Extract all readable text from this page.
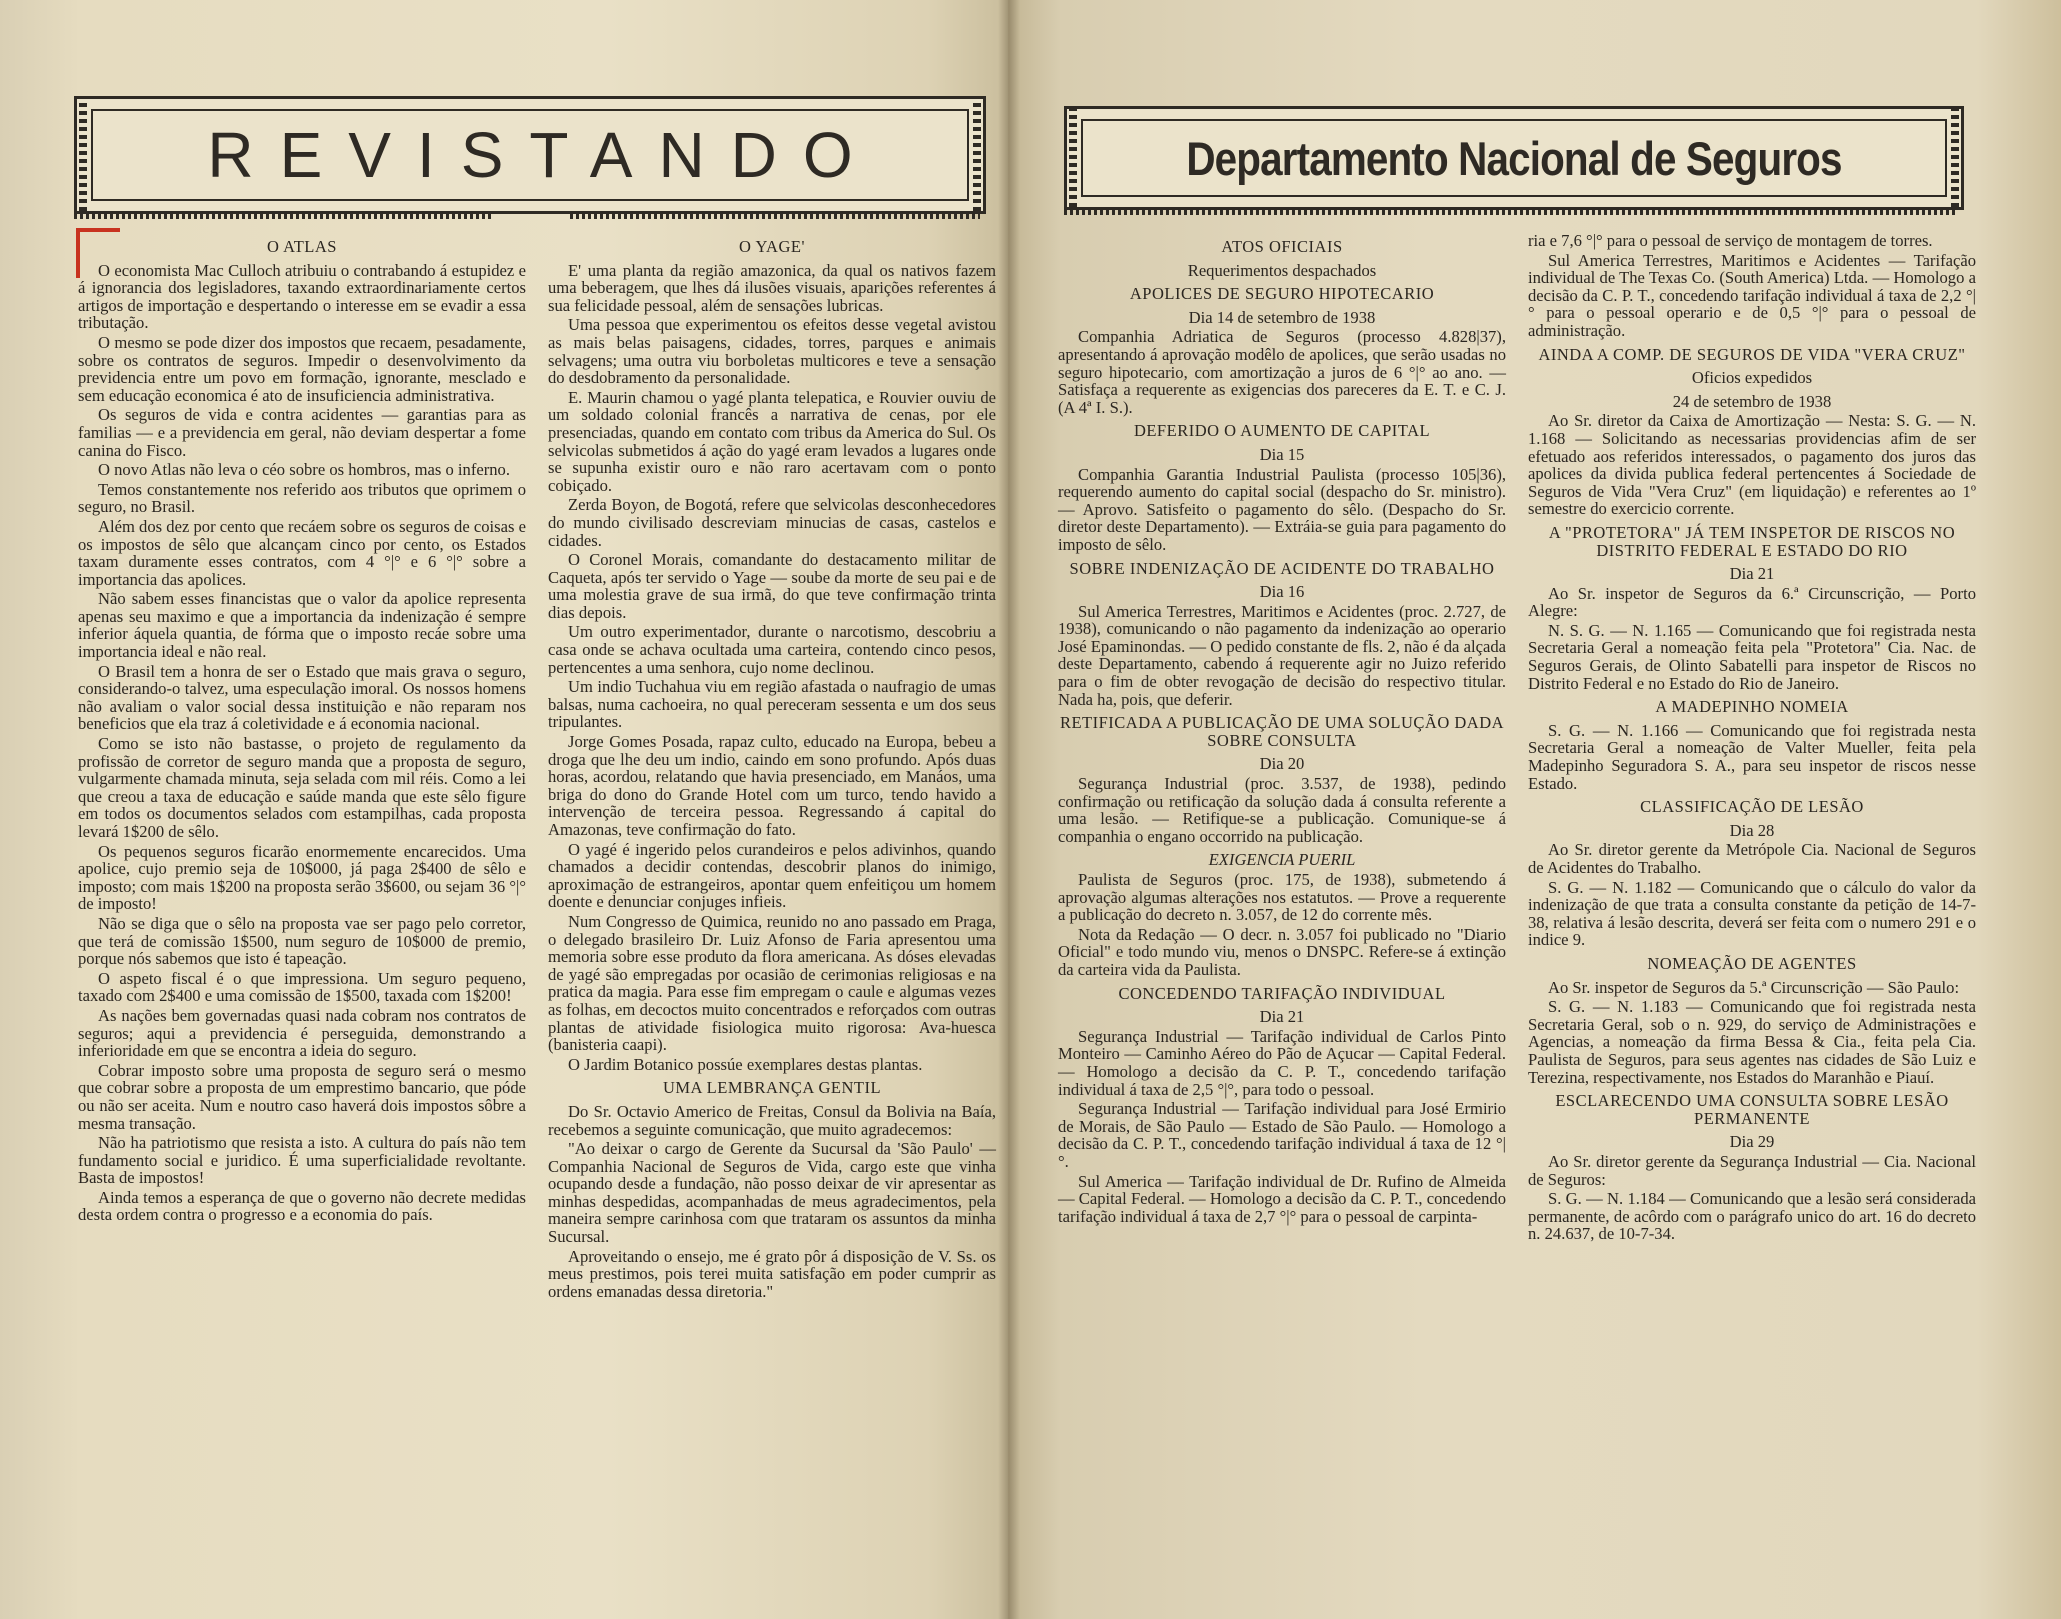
REVISTANDO
O ATLAS

O economista Mac Culloch atribuiu o contrabando á estupidez e á ignorancia dos legisladores, taxando extraordinariamente certos artigos de importação e despertando o interesse em se evadir a essa tributação.

O mesmo se pode dizer dos impostos que recaem, pesadamente, sobre os contratos de seguros. Impedir o desenvolvimento da previdencia entre um povo em formação, ignorante, mesclado e sem educação economica é ato de insuficiencia administrativa.

Os seguros de vida e contra acidentes — garantias para as familias — e a previdencia em geral, não deviam despertar a fome canina do Fisco.

O novo Atlas não leva o céo sobre os hombros, mas o inferno.

Temos constantemente nos referido aos tributos que oprimem o seguro, no Brasil.

Além dos dez por cento que recáem sobre os seguros de coisas e os impostos de sêlo que alcançam cinco por cento, os Estados taxam duramente esses contratos, com 4 °|° e 6 °|° sobre a importancia das apolices.

Não sabem esses financistas que o valor da apolice representa apenas seu maximo e que a importancia da indenização é sempre inferior áquela quantia, de fórma que o imposto recáe sobre uma importancia ideal e não real.

O Brasil tem a honra de ser o Estado que mais grava o seguro, considerando-o talvez, uma especulação imoral. Os nossos homens não avaliam o valor social dessa instituição e não reparam nos beneficios que ela traz á coletividade e á economia nacional.

Como se isto não bastasse, o projeto de regulamento da profissão de corretor de seguro manda que a proposta de seguro, vulgarmente chamada minuta, seja selada com mil réis. Como a lei que creou a taxa de educação e saúde manda que este sêlo figure em todos os documentos selados com estampilhas, cada proposta levará 1$200 de sêlo.

Os pequenos seguros ficarão enormemente encarecidos. Uma apolice, cujo premio seja de 10$000, já paga 2$400 de sêlo e imposto; com mais 1$200 na proposta serão 3$600, ou sejam 36 °|° de imposto!

Não se diga que o sêlo na proposta vae ser pago pelo corretor, que terá de comissão 1$500, num seguro de 10$000 de premio, porque nós sabemos que isto é tapeação.

O aspeto fiscal é o que impressiona. Um seguro pequeno, taxado com 2$400 e uma comissão de 1$500, taxada com 1$200!

As nações bem governadas quasi nada cobram nos contratos de seguros; aqui a previdencia é perseguida, demonstrando a inferioridade em que se encontra a ideia do seguro.

Cobrar imposto sobre uma proposta de seguro será o mesmo que cobrar sobre a proposta de um emprestimo bancario, que póde ou não ser aceita. Num e noutro caso haverá dois impostos sôbre a mesma transação.

Não ha patriotismo que resista a isto. A cultura do país não tem fundamento social e juridico. É uma superficialidade revoltante. Basta de impostos!

Ainda temos a esperança de que o governo não decrete medidas desta ordem contra o progresso e a economia do país.

O YAGE'

E' uma planta da região amazonica, da qual os nativos fazem uma beberagem, que lhes dá ilusões visuais, aparições referentes á sua felicidade pessoal, além de sensações lubricas.

Uma pessoa que experimentou os efeitos desse vegetal avistou as mais belas paisagens, cidades, torres, parques e animais selvagens; uma outra viu borboletas multicores e teve a sensação do desdobramento da personalidade.

E. Maurin chamou o yagé planta telepatica, e Rouvier ouviu de um soldado colonial francês a narrativa de cenas, por ele presenciadas, quando em contato com tribus da America do Sul. Os selvicolas submetidos á ação do yagé eram levados a lugares onde se supunha existir ouro e não raro acertavam com o ponto cobiçado.

Zerda Boyon, de Bogotá, refere que selvicolas desconhecedores do mundo civilisado descreviam minucias de casas, castelos e cidades.

O Coronel Morais, comandante do destacamento militar de Caqueta, após ter servido o Yage — soube da morte de seu pai e de uma molestia grave de sua irmã, do que teve confirmação trinta dias depois.

Um outro experimentador, durante o narcotismo, descobriu a casa onde se achava ocultada uma carteira, contendo cinco pesos, pertencentes a uma senhora, cujo nome declinou.

Um indio Tuchahua viu em região afastada o naufragio de umas balsas, numa cachoeira, no qual pereceram sessenta e um dos seus tripulantes.

Jorge Gomes Posada, rapaz culto, educado na Europa, bebeu a droga que lhe deu um indio, caindo em sono profundo. Após duas horas, acordou, relatando que havia presenciado, em Manáos, uma briga do dono do Grande Hotel com um turco, tendo havido a intervenção de terceira pessoa. Regressando á capital do Amazonas, teve confirmação do fato.

O yagé é ingerido pelos curandeiros e pelos adivinhos, quando chamados a decidir contendas, descobrir planos do inimigo, aproximação de estrangeiros, apontar quem enfeitiçou um homem doente e denunciar conjuges infieis.

Num Congresso de Quimica, reunido no ano passado em Praga, o delegado brasileiro Dr. Luiz Afonso de Faria apresentou uma memoria sobre esse produto da flora americana. As dóses elevadas de yagé são empregadas por ocasião de cerimonias religiosas e na pratica da magia. Para esse fim empregam o caule e algumas vezes as folhas, em decoctos muito concentrados e reforçados com outras plantas de atividade fisiologica muito rigorosa: Ava-huesca (banisteria caapi).

O Jardim Botanico possúe exemplares destas plantas.

UMA LEMBRANÇA GENTIL

Do Sr. Octavio Americo de Freitas, Consul da Bolivia na Baía, recebemos a seguinte comunicação, que muito agradecemos:

"Ao deixar o cargo de Gerente da Sucursal da 'São Paulo' — Companhia Nacional de Seguros de Vida, cargo este que vinha ocupando desde a fundação, não posso deixar de vir apresentar as minhas despedidas, acompanhadas de meus agradecimentos, pela maneira sempre carinhosa com que trataram os assuntos da minha Sucursal.

Aproveitando o ensejo, me é grato pôr á disposição de V. Ss. os meus prestimos, pois terei muita satisfação em poder cumprir as ordens emanadas dessa diretoria."

Departamento Nacional de Seguros
ATOS OFICIAIS

Requerimentos despachados

APOLICES DE SEGURO HIPOTECARIO

Dia 14 de setembro de 1938

Companhia Adriatica de Seguros (processo 4.828|37), apresentando á aprovação modêlo de apolices, que serão usadas no seguro hipotecario, com amortização a juros de 6 °|° ao ano. — Satisfaça a requerente as exigencias dos pareceres da E. T. e C. J. (A 4ª I. S.).

DEFERIDO O AUMENTO DE CAPITAL

Dia 15

Companhia Garantia Industrial Paulista (processo 105|36), requerendo aumento do capital social (despacho do Sr. ministro). — Aprovo. Satisfeito o pagamento do sêlo. (Despacho do Sr. diretor deste Departamento). — Extráia-se guia para pagamento do imposto de sêlo.

SOBRE INDENIZAÇÃO DE ACIDENTE DO TRABALHO

Dia 16

Sul America Terrestres, Maritimos e Acidentes (proc. 2.727, de 1938), comunicando o não pagamento da indenização ao operario José Epaminondas. — O pedido constante de fls. 2, não é da alçada deste Departamento, cabendo á requerente agir no Juizo referido para o fim de obter revogação de decisão do respectivo titular. Nada ha, pois, que deferir.

RETIFICADA A PUBLICAÇÃO DE UMA SOLUÇÃO DADA SOBRE CONSULTA

Dia 20

Segurança Industrial (proc. 3.537, de 1938), pedindo confirmação ou retificação da solução dada á consulta referente a uma lesão. — Retifique-se a publicação. Comunique-se á companhia o engano occorrido na publicação.

EXIGENCIA PUERIL

Paulista de Seguros (proc. 175, de 1938), submetendo á aprovação algumas alterações nos estatutos. — Prove a requerente a publicação do decreto n. 3.057, de 12 do corrente mês.

Nota da Redação — O decr. n. 3.057 foi publicado no "Diario Oficial" e todo mundo viu, menos o DNSPC. Refere-se á extinção da carteira vida da Paulista.

CONCEDENDO TARIFAÇÃO INDIVIDUAL

Dia 21

Segurança Industrial — Tarifação individual de Carlos Pinto Monteiro — Caminho Aéreo do Pão de Açucar — Capital Federal. — Homologo a decisão da C. P. T., concedendo tarifação individual á taxa de 2,5 °|°, para todo o pessoal.

Segurança Industrial — Tarifação individual para José Ermirio de Morais, de São Paulo — Estado de São Paulo. — Homologo a decisão da C. P. T., concedendo tarifação individual á taxa de 12 °|°.

Sul America — Tarifação individual de Dr. Rufino de Almeida — Capital Federal. — Homologo a decisão da C. P. T., concedendo tarifação individual á taxa de 2,7 °|° para o pessoal de carpinta-

ria e 7,6 °|° para o pessoal de serviço de montagem de torres.

Sul America Terrestres, Maritimos e Acidentes — Tarifação individual de The Texas Co. (South America) Ltda. — Homologo a decisão da C. P. T., concedendo tarifação individual á taxa de 2,2 °|° para o pessoal operario e de 0,5 °|° para o pessoal de administração.

AINDA A COMP. DE SEGUROS DE VIDA "VERA CRUZ"

Oficios expedidos

24 de setembro de 1938

Ao Sr. diretor da Caixa de Amortização — Nesta: S. G. — N. 1.168 — Solicitando as necessarias providencias afim de ser efetuado aos referidos interessados, o pagamento dos juros das apolices da divida publica federal pertencentes á Sociedade de Seguros de Vida "Vera Cruz" (em liquidação) e referentes ao 1º semestre do exercicio corrente.

A "PROTETORA" JÁ TEM INSPETOR DE RISCOS NO DISTRITO FEDERAL E ESTADO DO RIO

Dia 21

Ao Sr. inspetor de Seguros da 6.ª Circunscrição, — Porto Alegre:

N. S. G. — N. 1.165 — Comunicando que foi registrada nesta Secretaria Geral a nomeação feita pela "Protetora" Cia. Nac. de Seguros Gerais, de Olinto Sabatelli para inspetor de Riscos no Distrito Federal e no Estado do Rio de Janeiro.

A MADEPINHO NOMEIA

S. G. — N. 1.166 — Comunicando que foi registrada nesta Secretaria Geral a nomeação de Valter Mueller, feita pela Madepinho Seguradora S. A., para seu inspetor de riscos nesse Estado.

CLASSIFICAÇÃO DE LESÃO

Dia 28

Ao Sr. diretor gerente da Metrópole Cia. Nacional de Seguros de Acidentes do Trabalho.

S. G. — N. 1.182 — Comunicando que o cálculo do valor da indenização de que trata a consulta constante da petição de 14-7-38, relativa á lesão descrita, deverá ser feita com o numero 291 e o indice 9.

NOMEAÇÃO DE AGENTES

Ao Sr. inspetor de Seguros da 5.ª Circunscrição — São Paulo:

S. G. — N. 1.183 — Comunicando que foi registrada nesta Secretaria Geral, sob o n. 929, do serviço de Administrações e Agencias, a nomeação da firma Bessa & Cia., feita pela Cia. Paulista de Seguros, para seus agentes nas cidades de São Luiz e Terezina, respectivamente, nos Estados do Maranhão e Piauí.

ESCLARECENDO UMA CONSULTA SOBRE LESÃO PERMANENTE

Dia 29

Ao Sr. diretor gerente da Segurança Industrial — Cia. Nacional de Seguros:

S. G. — N. 1.184 — Comunicando que a lesão será considerada permanente, de acôrdo com o parágrafo unico do art. 16 do decreto n. 24.637, de 10-7-34.
